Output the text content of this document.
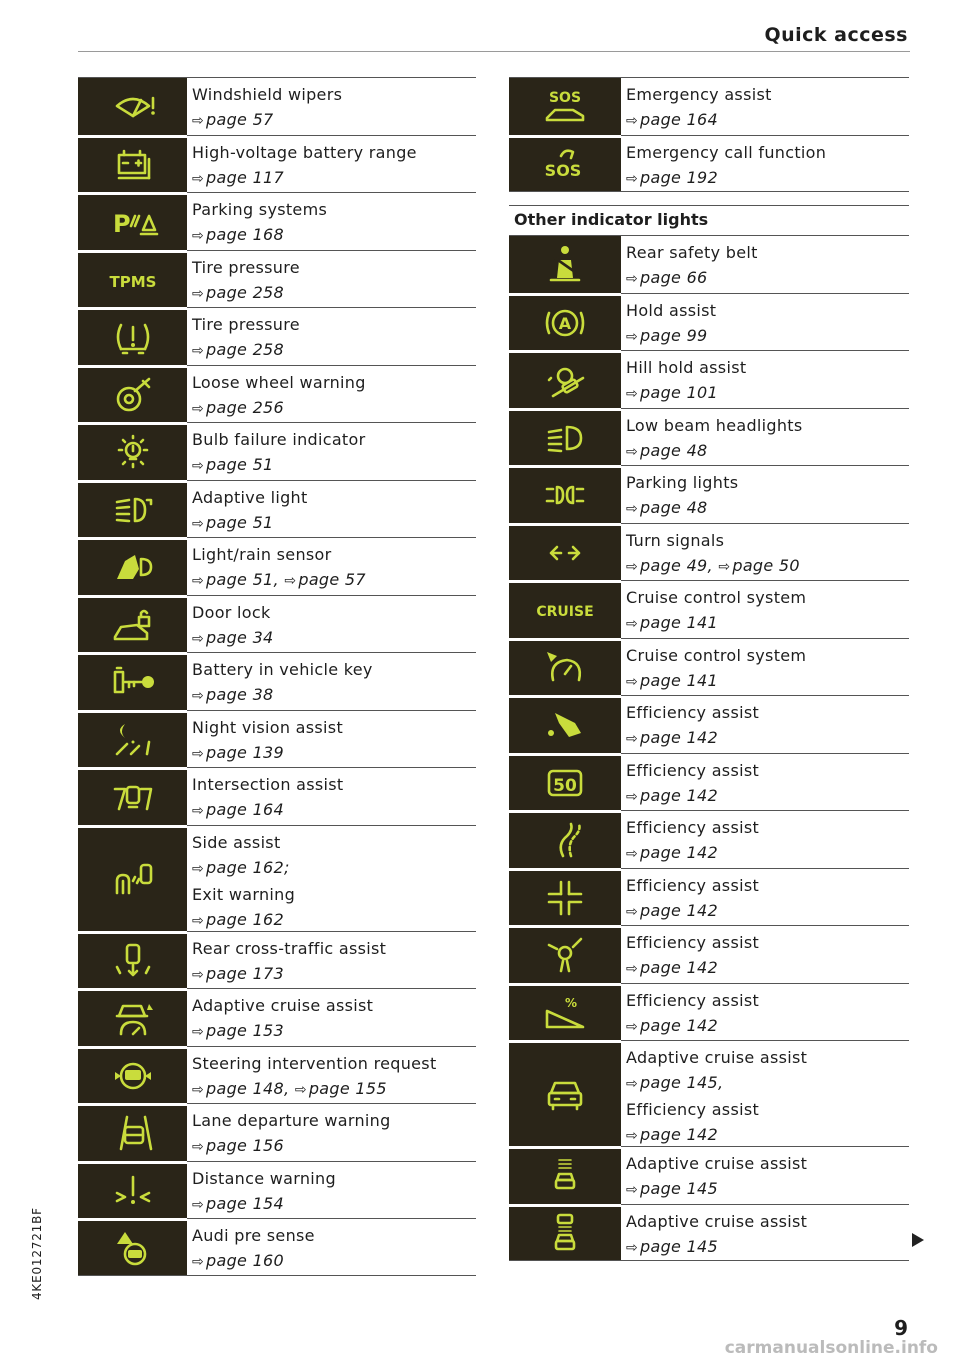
Quick access
Windshield wipers
⇨ page 57
High-voltage battery range
⇨ page 117
P
Parking systems
⇨ page 168
TPMS
Tire pressure
⇨ page 258
Tire pressure
⇨ page 258
Loose wheel warning
⇨ page 256
Bulb failure indicator
⇨ page 51
Adaptive light
⇨ page 51
Light/rain sensor
⇨ page 51, ⇨ page 57
Door lock
⇨ page 34
Battery in vehicle key
⇨ page 38
Night vision assist
⇨ page 139
Intersection assist
⇨ page 164
Side assist
⇨ page 162;
Exit warning
⇨ page 162
Rear cross-traffic assist
⇨ page 173
Adaptive cruise assist
⇨ page 153
Steering intervention request
⇨ page 148, ⇨ page 155
Lane departure warning
⇨ page 156
Distance warning
⇨ page 154
Audi pre sense
⇨ page 160
SOS	Emergency assist
⇨ page 164
SOS
Emergency call function
⇨ page 192
Other indicator lights
Rear safety belt
⇨ page 66
A
Hold assist
⇨ page 99
Hill hold assist
⇨ page 101
Low beam headlights
⇨ page 48
Parking lights
⇨ page 48
Turn signals
⇨ page 49, ⇨ page 50
CRUISE
Cruise control system
⇨ page 141
Cruise control system
⇨ page 141
Efficiency assist
⇨ page 142
50
Efficiency assist
⇨ page 142
Efficiency assist
⇨ page 142
Efficiency assist
⇨ page 142
Efficiency assist
⇨ page 142
%	Efficiency assist
⇨ page 142
Adaptive cruise assist
⇨ page 145,
Efficiency assist
⇨ page 142
Adaptive cruise assist
⇨ page 145
Adaptive cruise assist
⇨ page 145
4KE012721BF
9
carmanualsonline.info
